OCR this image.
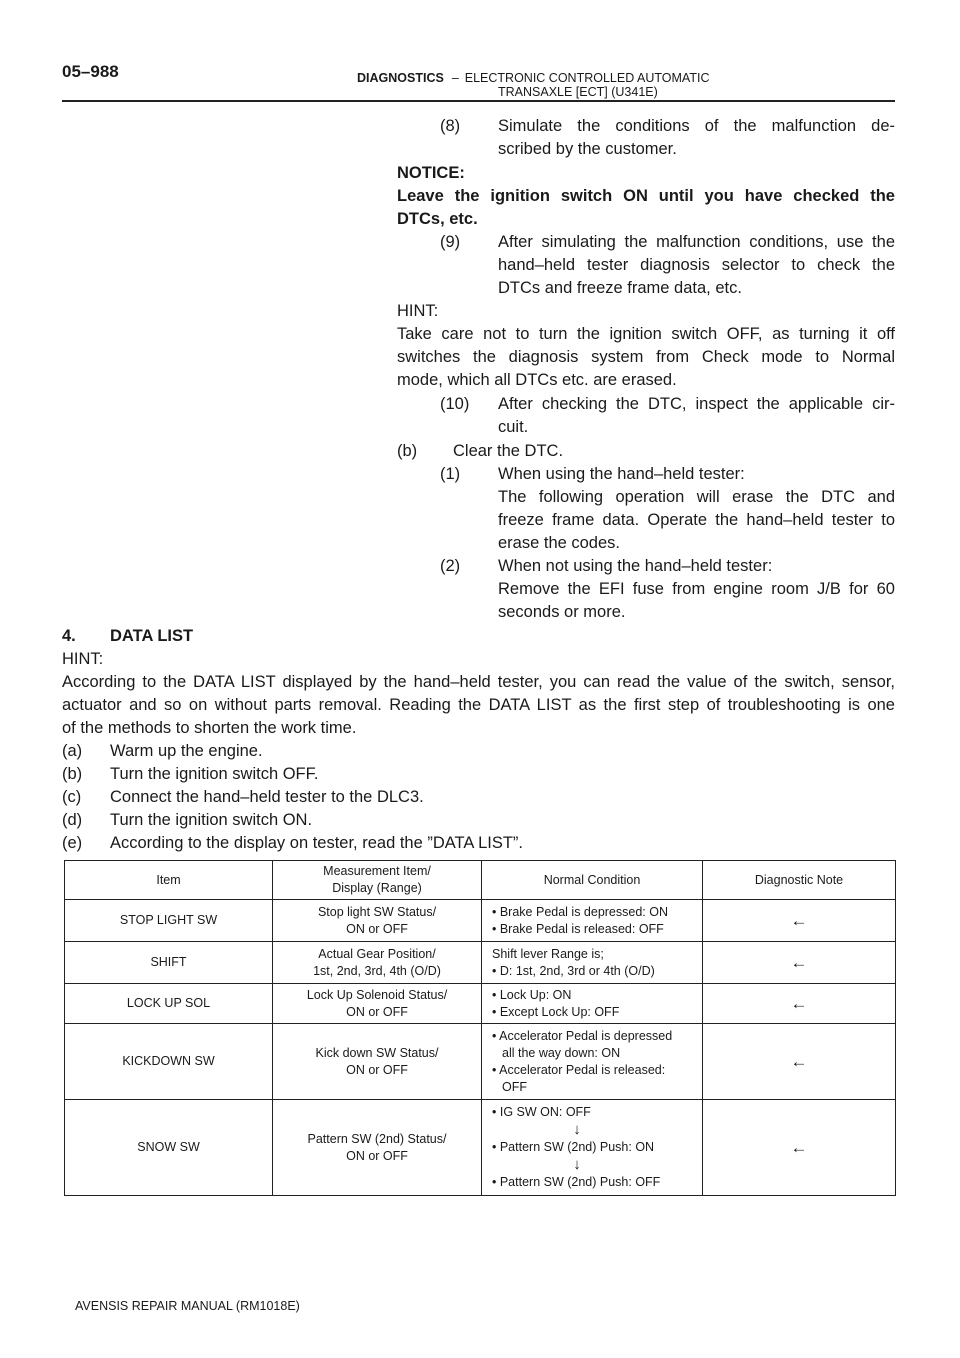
05–988	DIAGNOSTICS – ELECTRONIC CONTROLLED AUTOMATIC
TRANSAXLE [ECT] (U341E)
(8) Simulate the conditions of the malfunction de-
scribed by the customer.
NOTICE:
Leave the ignition switch ON until you have checked the
DTCs, etc.
(9) After simulating the malfunction conditions, use the
hand–held tester diagnosis selector to check the
DTCs and freeze frame data, etc.
HINT:
Take care not to turn the ignition switch OFF, as turning it off
switches the diagnosis system from Check mode to Normal
mode, which all DTCs etc. are erased.
(10) After checking the DTC, inspect the applicable cir-
cuit.
(b) Clear the DTC.
(1) When using the hand–held tester:
The following operation will erase the DTC and
freeze frame data. Operate the hand–held tester to
erase the codes.
(2) When not using the hand–held tester:
Remove the EFI fuse from engine room J/B for 60
seconds or more.
4. DATA LIST
HINT:
According to the DATA LIST displayed by the hand–held tester, you can read the value of the switch, sensor,
actuator and so on without parts removal. Reading the DATA LIST as the first step of troubleshooting is one
of the methods to shorten the work time.
(a) Warm up the engine.
(b) Turn the ignition switch OFF.
(c) Connect the hand–held tester to the DLC3.
(d) Turn the ignition switch ON.
(e) According to the display on tester, read the ”DATA LIST”.
Item	Measurement Item/
Display (Range)	Normal Condition	Diagnostic Note
STOP LIGHT SW	Stop light SW Status/
ON or OFF	• Brake Pedal is depressed: ON
• Brake Pedal is released: OFF	←
SHIFT	Actual Gear Position/
1st, 2nd, 3rd, 4th (O/D)	Shift lever Range is;
• D: 1st, 2nd, 3rd or 4th (O/D)	←
LOCK UP SOL	Lock Up Solenoid Status/
ON or OFF	• Lock Up: ON
• Except Lock Up: OFF	←
KICKDOWN SW	Kick down SW Status/
ON or OFF	• Accelerator Pedal is depressed
all the way down: ON
• Accelerator Pedal is released:
OFF	←
SNOW SW	Pattern SW (2nd) Status/
ON or OFF	• IG SW ON: OFF
↓
• Pattern SW (2nd) Push: ON
↓
• Pattern SW (2nd) Push: OFF	←
AVENSIS REPAIR MANUAL (RM1018E)
